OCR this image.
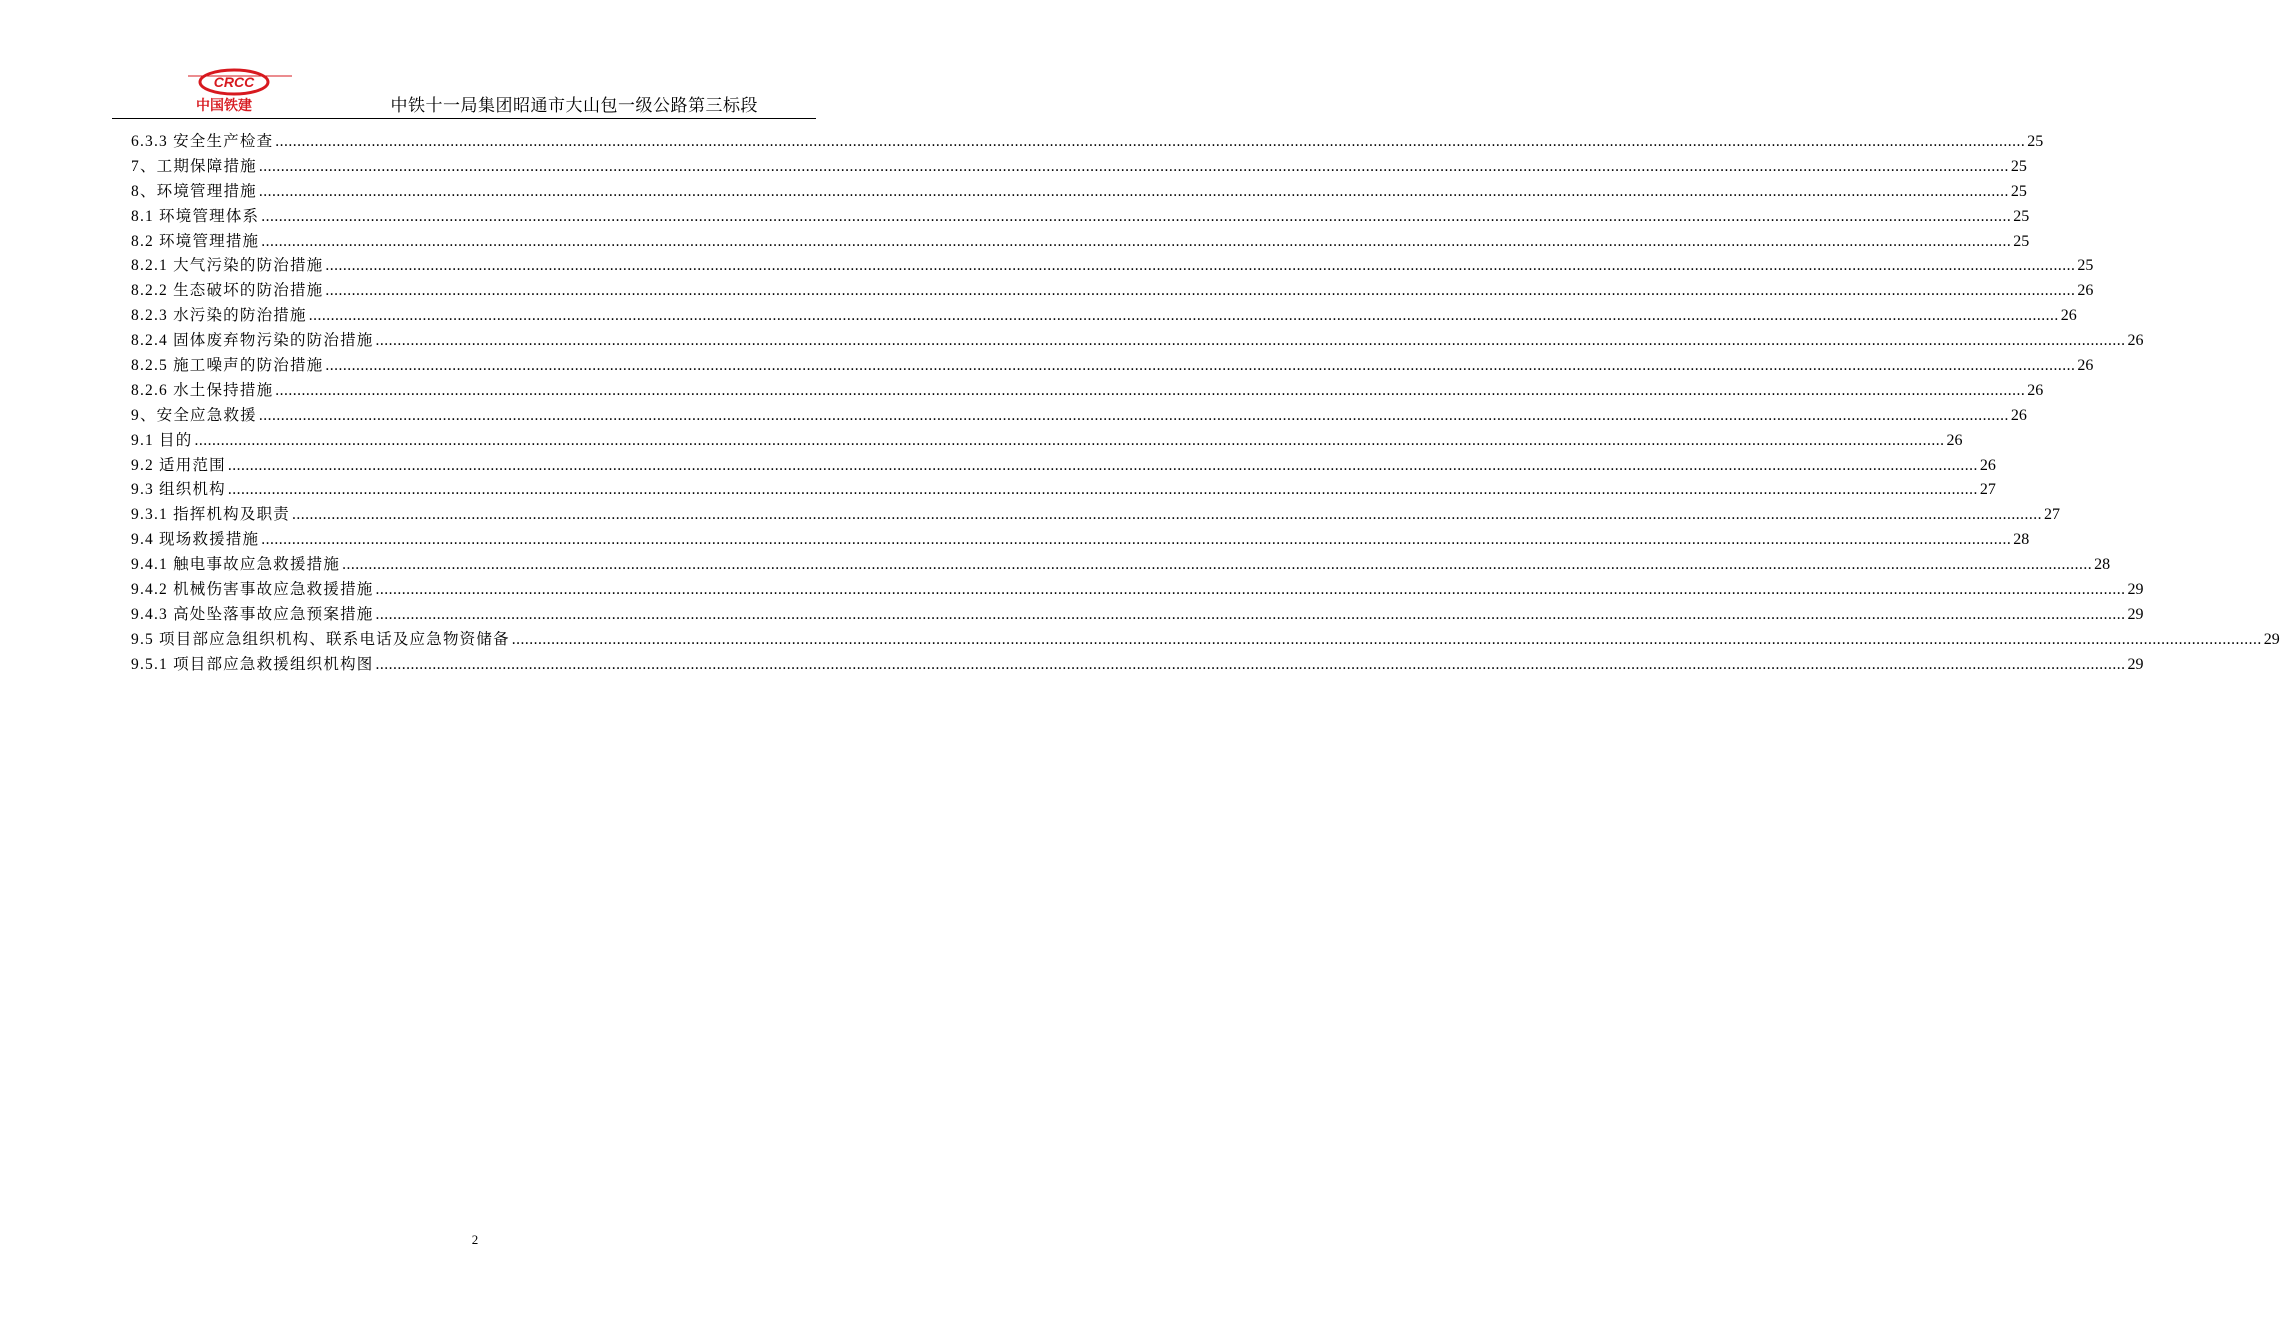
CRCC
中国铁建	中铁十一局集团昭通市大山包一级公路第三标段
6.3.3 安全生产检查 ................................................................................................................................................................................................................................................................................................................................................................................................................ 25
7、工期保障措施 ................................................................................................................................................................................................................................................................................................................................................................................................................ 25
8、环境管理措施 ................................................................................................................................................................................................................................................................................................................................................................................................................ 25
8.1 环境管理体系 ................................................................................................................................................................................................................................................................................................................................................................................................................ 25
8.2 环境管理措施 ................................................................................................................................................................................................................................................................................................................................................................................................................ 25
8.2.1 大气污染的防治措施 ................................................................................................................................................................................................................................................................................................................................................................................................................ 25
8.2.2 生态破坏的防治措施 ................................................................................................................................................................................................................................................................................................................................................................................................................ 26
8.2.3 水污染的防治措施 ................................................................................................................................................................................................................................................................................................................................................................................................................ 26
8.2.4 固体废弃物污染的防治措施 ................................................................................................................................................................................................................................................................................................................................................................................................................ 26
8.2.5 施工噪声的防治措施 ................................................................................................................................................................................................................................................................................................................................................................................................................ 26
8.2.6 水土保持措施 ................................................................................................................................................................................................................................................................................................................................................................................................................ 26
9、安全应急救援 ................................................................................................................................................................................................................................................................................................................................................................................................................ 26
9.1 目的 ................................................................................................................................................................................................................................................................................................................................................................................................................ 26
9.2 适用范围 ................................................................................................................................................................................................................................................................................................................................................................................................................ 26
9.3 组织机构 ................................................................................................................................................................................................................................................................................................................................................................................................................ 27
9.3.1 指挥机构及职责 ................................................................................................................................................................................................................................................................................................................................................................................................................ 27
9.4 现场救援措施 ................................................................................................................................................................................................................................................................................................................................................................................................................ 28
9.4.1 触电事故应急救援措施 ................................................................................................................................................................................................................................................................................................................................................................................................................ 28
9.4.2 机械伤害事故应急救援措施 ................................................................................................................................................................................................................................................................................................................................................................................................................ 29
9.4.3 高处坠落事故应急预案措施 ................................................................................................................................................................................................................................................................................................................................................................................................................ 29
9.5 项目部应急组织机构、联系电话及应急物资储备 ................................................................................................................................................................................................................................................................................................................................................................................................................ 29
9.5.1 项目部应急救援组织机构图 ................................................................................................................................................................................................................................................................................................................................................................................................................ 29
2
